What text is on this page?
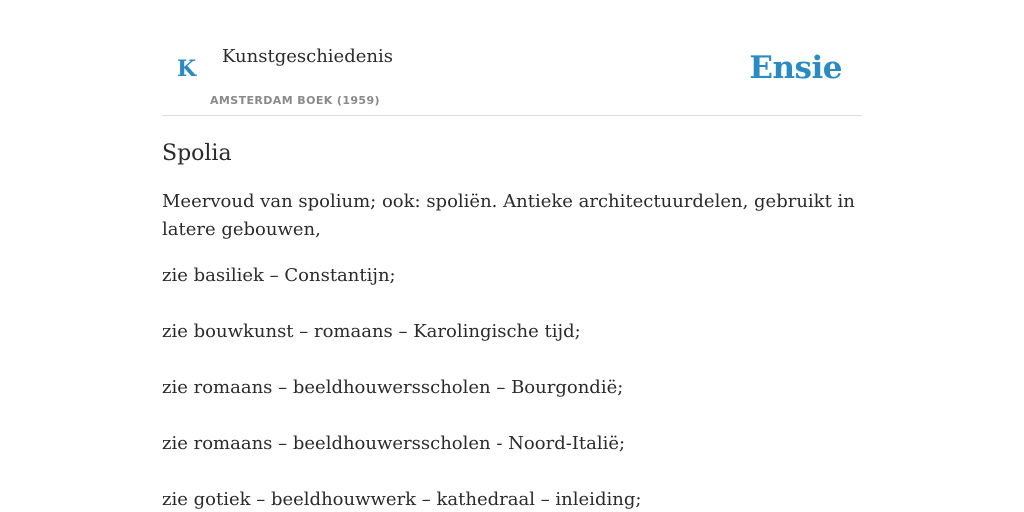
K Kunstgeschiedenis
AMSTERDAM BOEK (1959)
Ensie
Spolia

Meervoud van spolium; ook: spoliën. Antieke architectuurdelen, gebruikt in latere gebouwen,

zie basiliek – Constantijn;
zie bouwkunst – romaans – Karolingische tijd;
zie romaans – beeldhouwersscholen – Bourgondië;
zie romaans – beeldhouwersscholen - Noord-Italië;
zie gotiek – beeldhouwwerk – kathedraal – inleiding;
